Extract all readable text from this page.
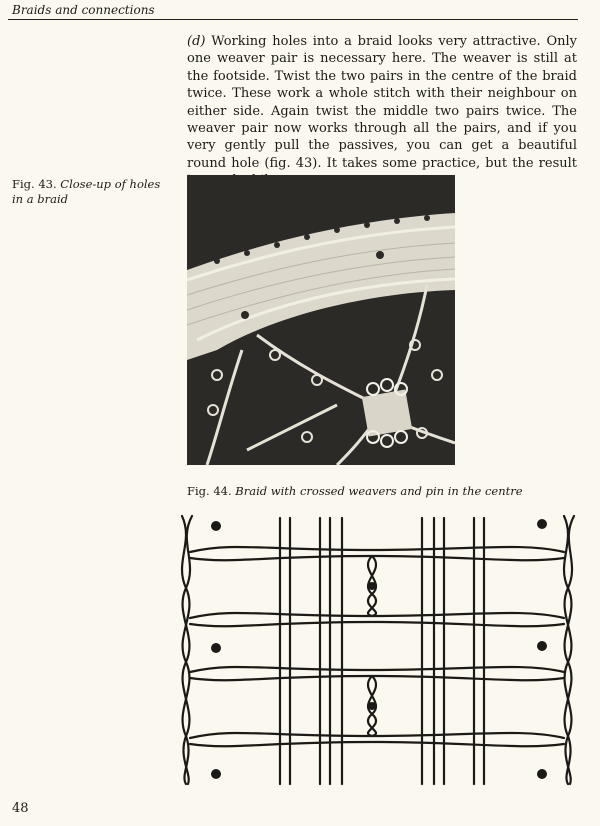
Braids and connections
(d) Working holes into a braid looks very attractive. Only one weaver pair is necessary here. The weaver is still at the footside. Twist the two pairs in the centre of the braid twice. These work a whole stitch with their neighbour on either side. Again twist the middle two pairs twice. The weaver pair now works through all the pairs, and if you very gently pull the passives, you can get a beautiful round hole (fig. 43). It takes some practice, but the result
Fig. 43. Close-up of holes in a braid
Fig. 44. Braid with crossed weavers and pin in the centre
48
